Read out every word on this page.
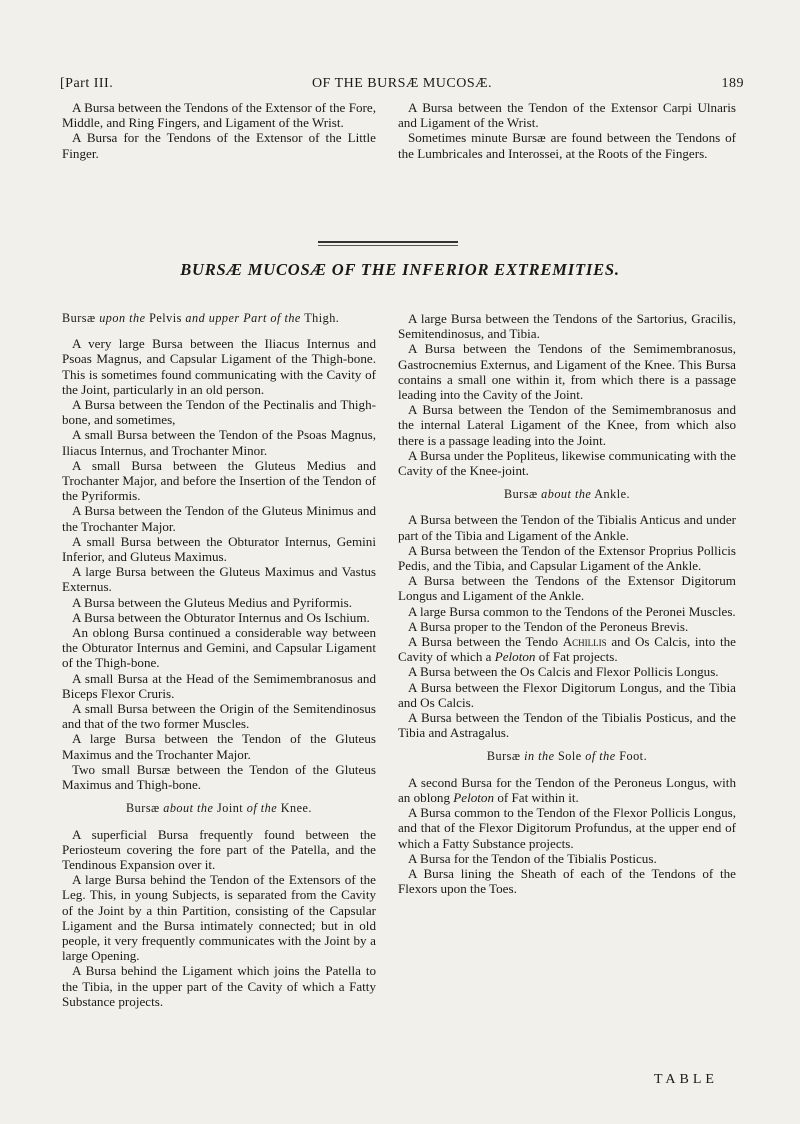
[Part III.	OF THE BURSÆ MUCOSÆ.	189

A Bursa between the Tendons of the Extensor of the Fore, Middle, and Ring Fingers, and Ligament of the Wrist.

A Bursa for the Tendons of the Extensor of the Little Finger.

A Bursa between the Tendon of the Extensor Carpi Ulnaris and Ligament of the Wrist.

Sometimes minute Bursæ are found between the Tendons of the Lumbricales and Interossei, at the Roots of the Fingers.

BURSÆ MUCOSÆ OF THE INFERIOR EXTREMITIES.

Bursæ upon the Pelvis and upper Part of the Thigh.

A very large Bursa between the Iliacus Internus and Psoas Magnus, and Capsular Ligament of the Thigh-bone. This is sometimes found communicating with the Cavity of the Joint, particularly in an old person.

A Bursa between the Tendon of the Pectinalis and Thigh-bone, and sometimes,

A small Bursa between the Tendon of the Psoas Magnus, Iliacus Internus, and Trochanter Minor.

A small Bursa between the Gluteus Medius and Trochanter Major, and before the Insertion of the Tendon of the Pyriformis.

A Bursa between the Tendon of the Gluteus Minimus and the Trochanter Major.

A small Bursa between the Obturator Internus, Gemini Inferior, and Gluteus Maximus.

A large Bursa between the Gluteus Maximus and Vastus Externus.

A Bursa between the Gluteus Medius and Pyriformis.

A Bursa between the Obturator Internus and Os Ischium.

An oblong Bursa continued a considerable way between the Obturator Internus and Gemini, and Capsular Ligament of the Thigh-bone.

A small Bursa at the Head of the Semimembranosus and Biceps Flexor Cruris.

A small Bursa between the Origin of the Semitendinosus and that of the two former Muscles.

A large Bursa between the Tendon of the Gluteus Maximus and the Trochanter Major.

Two small Bursæ between the Tendon of the Gluteus Maximus and Thigh-bone.

Bursæ about the Joint of the Knee.

A superficial Bursa frequently found between the Periosteum covering the fore part of the Patella, and the Tendinous Expansion over it.

A large Bursa behind the Tendon of the Extensors of the Leg. This, in young Subjects, is separated from the Cavity of the Joint by a thin Partition, consisting of the Capsular Ligament and the Bursa intimately connected; but in old people, it very frequently communicates with the Joint by a large Opening.

A Bursa behind the Ligament which joins the Patella to the Tibia, in the upper part of the Cavity of which a Fatty Substance projects.

A large Bursa between the Tendons of the Sartorius, Gracilis, Semitendinosus, and Tibia.

A Bursa between the Tendons of the Semimembranosus, Gastrocnemius Externus, and Ligament of the Knee. This Bursa contains a small one within it, from which there is a passage leading into the Cavity of the Joint.

A Bursa between the Tendon of the Semimembranosus and the internal Lateral Ligament of the Knee, from which also there is a passage leading into the Joint.

A Bursa under the Popliteus, likewise communicating with the Cavity of the Knee-joint.

Bursæ about the Ankle.

A Bursa between the Tendon of the Tibialis Anticus and under part of the Tibia and Ligament of the Ankle.

A Bursa between the Tendon of the Extensor Proprius Pollicis Pedis, and the Tibia, and Capsular Ligament of the Ankle.

A Bursa between the Tendons of the Extensor Digitorum Longus and Ligament of the Ankle.

A large Bursa common to the Tendons of the Peronei Muscles.

A Bursa proper to the Tendon of the Peroneus Brevis.

A Bursa between the Tendo Achillis and Os Calcis, into the Cavity of which a Peloton of Fat projects.

A Bursa between the Os Calcis and Flexor Pollicis Longus.

A Bursa between the Flexor Digitorum Longus, and the Tibia and Os Calcis.

A Bursa between the Tendon of the Tibialis Posticus, and the Tibia and Astragalus.

Bursæ in the Sole of the Foot.

A second Bursa for the Tendon of the Peroneus Longus, with an oblong Peloton of Fat within it.

A Bursa common to the Tendon of the Flexor Pollicis Longus, and that of the Flexor Digitorum Profundus, at the upper end of which a Fatty Substance projects.

A Bursa for the Tendon of the Tibialis Posticus.

A Bursa lining the Sheath of each of the Tendons of the Flexors upon the Toes.

TABLE
